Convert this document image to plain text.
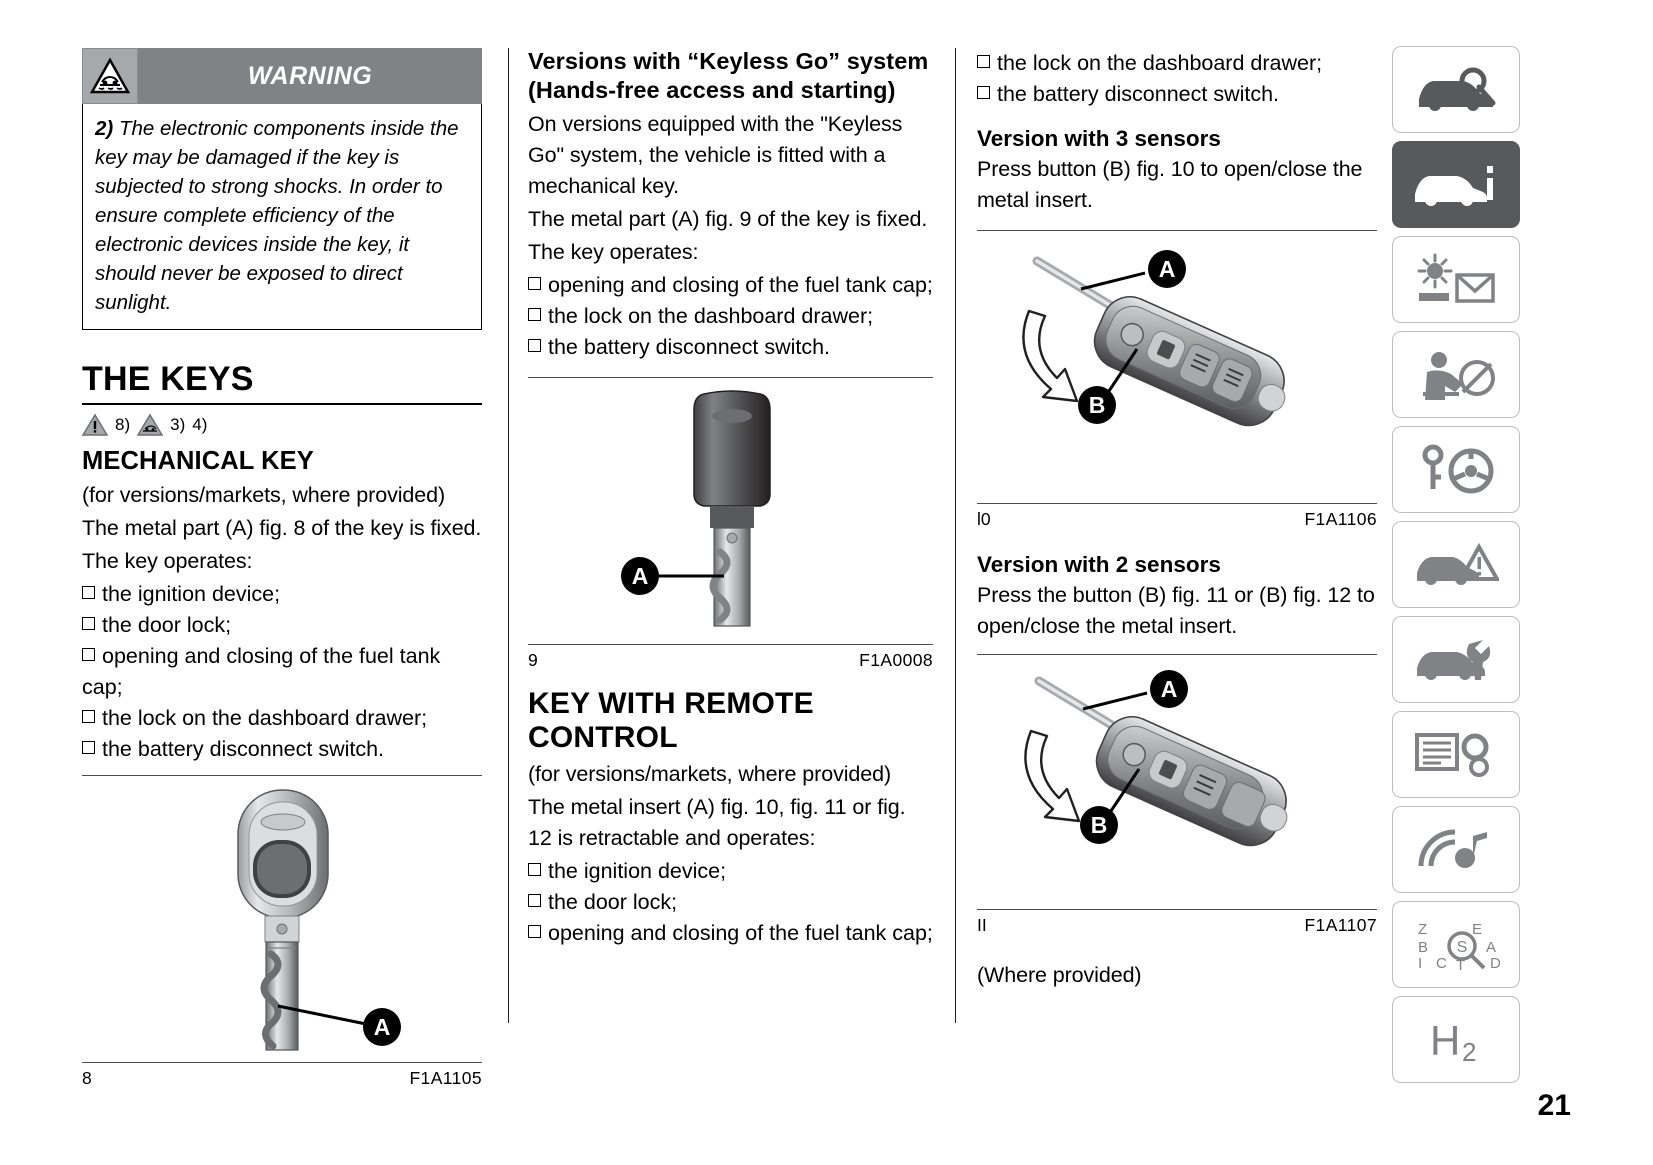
WARNING
2) The electronic components inside the key may be damaged if the key is subjected to strong shocks. In order to ensure complete efficiency of the electronic devices inside the key, it should never be exposed to direct sunlight.
THE KEYS
8) 3) 4)
MECHANICAL KEY

(for versions/markets, where provided)

The metal part (A) fig. 8 of the key is fixed.

The key operates:

the ignition device;
the door lock;
opening and closing of the fuel tank cap;
the lock on the dashboard drawer;
the battery disconnect switch.
A
8	F1A1105
Versions with “Keyless Go” system
(Hands-free access and starting)

On versions equipped with the "Keyless Go" system, the vehicle is fitted with a mechanical key.

The metal part (A) fig. 9 of the key is fixed.

The key operates:

opening and closing of the fuel tank cap;
the lock on the dashboard drawer;
the battery disconnect switch.
A
9	F1A0008
KEY WITH REMOTE
CONTROL

(for versions/markets, where provided)

The metal insert (A) fig. 10, fig. 11 or fig. 12 is retractable and operates:

the ignition device;
the door lock;
opening and closing of the fuel tank cap;
the lock on the dashboard drawer;
the battery disconnect switch.
Version with 3 sensors

Press button (B) fig. 10 to open/close the metal insert.

A
B
l0	F1A1106
Version with 2 sensors

Press the button (B) fig. 11 or (B) fig. 12 to open/close the metal insert.

A
B
II	F1A1107

(Where provided)

Z
B
I C
E
A
D
T
S
H 2
21
